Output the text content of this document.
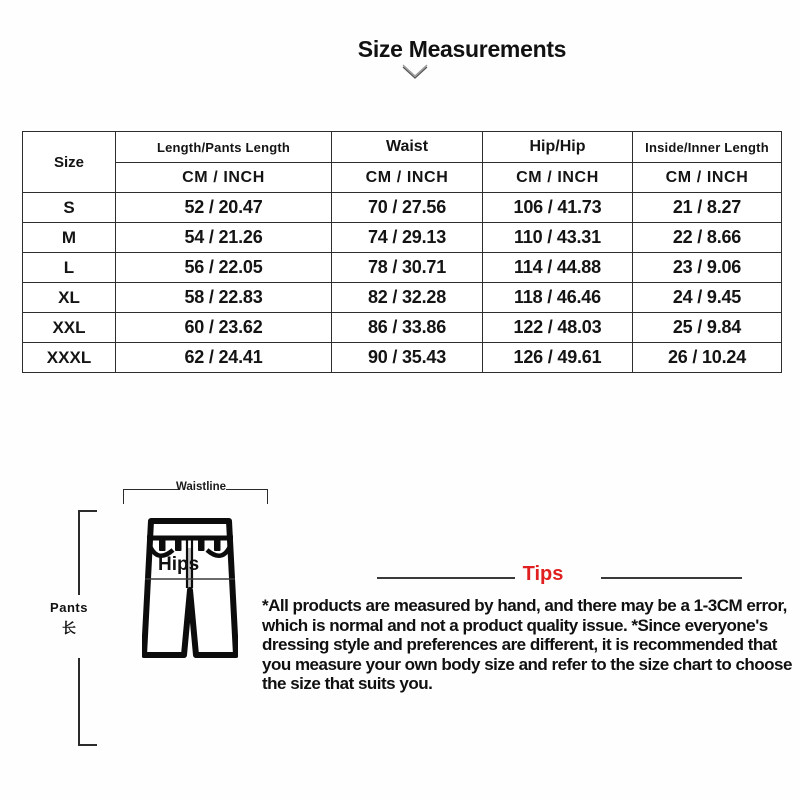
Size Measurements
Size	Length/Pants Length	Waist	Hip/Hip	Inside/Inner Length
	CM / INCH	CM / INCH	CM / INCH	CM / INCH
S	52 / 20.47	70 / 27.56	106 / 41.73	21 / 8.27
M	54 / 21.26	74 / 29.13	110 / 43.31	22 / 8.66
L	56 / 22.05	78 / 30.71	114 / 44.88	23 / 9.06
XL	58 / 22.83	82 / 32.28	118 / 46.46	24 / 9.45
XXL	60 / 23.62	86 / 33.86	122 / 48.03	25 / 9.84
XXXL	62 / 24.41	90 / 35.43	126 / 49.61	26 / 10.24
Waistline
Hips
Pants
长
Tips
*All products are measured by hand, and there may be a 1-3CM error, which is normal and not a product quality issue. *Since everyone's dressing style and preferences are different, it is recommended that you measure your own body size and refer to the size chart to choose the size that suits you.
